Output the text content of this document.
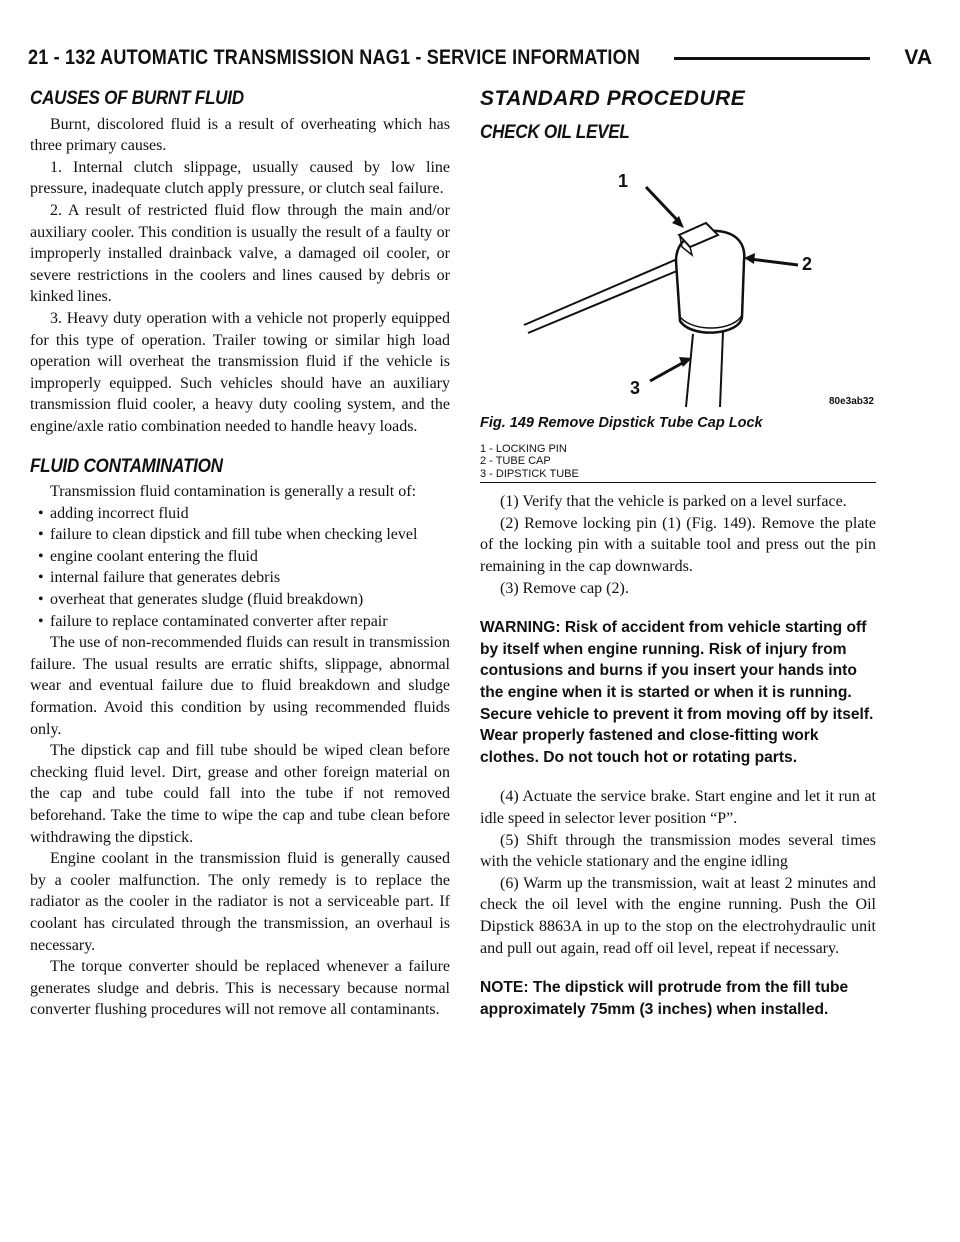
21 - 132 AUTOMATIC TRANSMISSION NAG1 - SERVICE INFORMATION	VA
CAUSES OF BURNT FLUID

Burnt, discolored fluid is a result of overheating which has three primary causes.

1. Internal clutch slippage, usually caused by low line pressure, inadequate clutch apply pressure, or clutch seal failure.

2. A result of restricted fluid flow through the main and/or auxiliary cooler. This condition is usually the result of a faulty or improperly installed drainback valve, a damaged oil cooler, or severe restrictions in the coolers and lines caused by debris or kinked lines.

3. Heavy duty operation with a vehicle not properly equipped for this type of operation. Trailer towing or similar high load operation will overheat the transmission fluid if the vehicle is improperly equipped. Such vehicles should have an auxiliary transmission fluid cooler, a heavy duty cooling system, and the engine/axle ratio combination needed to handle heavy loads.

FLUID CONTAMINATION

Transmission fluid contamination is generally a result of:

• adding incorrect fluid

• failure to clean dipstick and fill tube when checking level

• engine coolant entering the fluid

• internal failure that generates debris

• overheat that generates sludge (fluid breakdown)

• failure to replace contaminated converter after repair

The use of non-recommended fluids can result in transmission failure. The usual results are erratic shifts, slippage, abnormal wear and eventual failure due to fluid breakdown and sludge formation. Avoid this condition by using recommended fluids only.

The dipstick cap and fill tube should be wiped clean before checking fluid level. Dirt, grease and other foreign material on the cap and tube could fall into the tube if not removed beforehand. Take the time to wipe the cap and tube clean before withdrawing the dipstick.

Engine coolant in the transmission fluid is generally caused by a cooler malfunction. The only remedy is to replace the radiator as the cooler in the radiator is not a serviceable part. If coolant has circulated through the transmission, an overhaul is necessary.

The torque converter should be replaced whenever a failure generates sludge and debris. This is necessary because normal converter flushing procedures will not remove all contaminants.

STANDARD PROCEDURE
CHECK OIL LEVEL
1
2
3
80e3ab32
Fig. 149 Remove Dipstick Tube Cap Lock
1 - LOCKING PIN
2 - TUBE CAP
3 - DIPSTICK TUBE

(1) Verify that the vehicle is parked on a level surface.

(2) Remove locking pin (1) (Fig. 149). Remove the plate of the locking pin with a suitable tool and press out the pin remaining in the cap downwards.

(3) Remove cap (2).

WARNING: Risk of accident from vehicle starting off by itself when engine running. Risk of injury from contusions and burns if you insert your hands into the engine when it is started or when it is running. Secure vehicle to prevent it from moving off by itself. Wear properly fastened and close-fitting work clothes. Do not touch hot or rotating parts.

(4) Actuate the service brake. Start engine and let it run at idle speed in selector lever position “P”.

(5) Shift through the transmission modes several times with the vehicle stationary and the engine idling

(6) Warm up the transmission, wait at least 2 minutes and check the oil level with the engine running. Push the Oil Dipstick 8863A in up to the stop on the electrohydraulic unit and pull out again, read off oil level, repeat if necessary.

NOTE: The dipstick will protrude from the fill tube approximately 75mm (3 inches) when installed.
